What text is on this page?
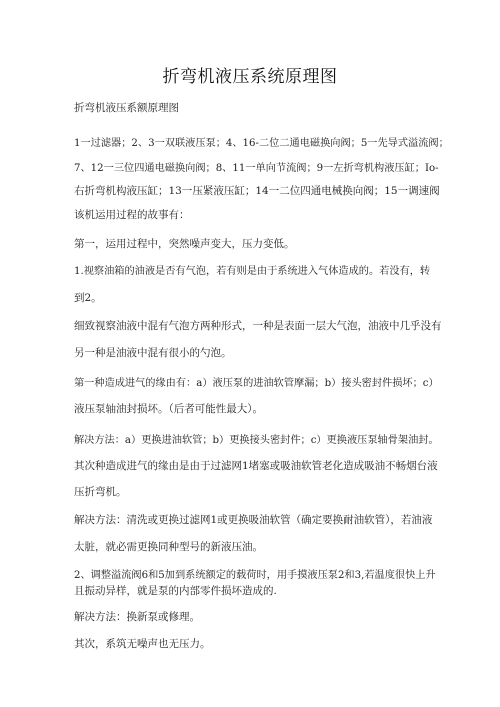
折弯机液压系统原理图
折弯机液压系额原理图
1一过滤器；2、3一双联液压泵；4、16-二位二通电磁换向阀；5一先导式溢流阀；
7、12一三位四通电磁换向阀；8、11一单向节流阀；9一左折弯机构液压缸；Io-
右折弯机构液压缸；13一压紧液压缸；14一二位四通电械换向阀；15一调速阀
该机运用过程的故事有：
第一，运用过程中，突然噪声变大，压力变低。
1.视察油箱的油液是否有气泡，若有则是由于系统进入气体造成的。若没有，转
到2。
细致视察油液中混有气泡方两种形式，一种是表面一层大气泡，油液中几乎没有
另一种是油液中混有很小的勺泡。
第一种造成进气的缘由有：a）液压泵的进油软管摩漏；b）接头密封件损坏；c）
液压泵轴油封损坏。（后者可能性最大）。
解决方法：a）更换进油软管；b）更换接头密封件；c）更换液压泵轴骨架油封。
其次种造成进气的缘由是由于过滤网1堵塞或吸油软管老化造成吸油不畅烟台液
压折弯机。
解决方法：清洗或更换过滤网1或更换吸油软管（确定要换耐油软管），若油液
太脏，就必需更换同种型号的新液压油。
2、调整溢流阀6和5加到系统额定的载荷时，用手摸液压泵2和3,若温度很快上升
且振动异样，就是泵的内部零件损坏造成的.
解决方法：换新泵或修理。
其次，系筑无噪声也无压力。
